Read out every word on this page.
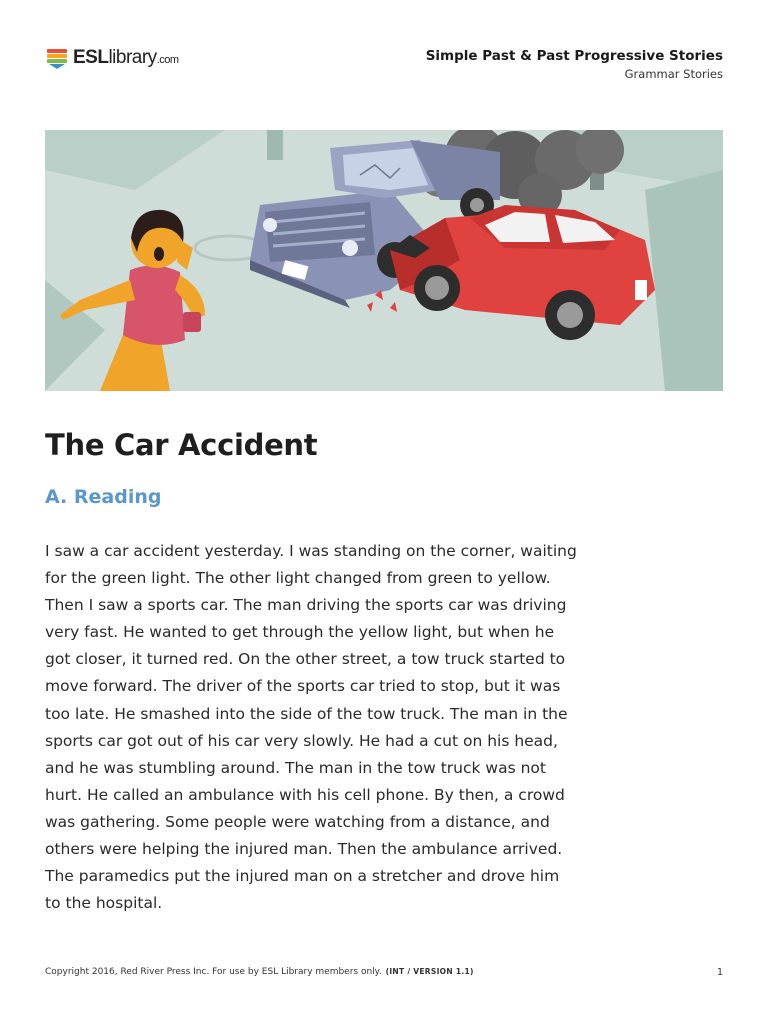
ESLlibrary.com	Simple Past & Past Progressive Stories
Grammar Stories
The Car Accident
A. Reading

I saw a car accident yesterday. I was standing on the corner, waiting
for the green light. The other light changed from green to yellow.
Then I saw a sports car. The man driving the sports car was driving
very fast. He wanted to get through the yellow light, but when he
got closer, it turned red. On the other street, a tow truck started to
move forward. The driver of the sports car tried to stop, but it was
too late. He smashed into the side of the tow truck. The man in the
sports car got out of his car very slowly. He had a cut on his head,
and he was stumbling around. The man in the tow truck was not
hurt. He called an ambulance with his cell phone. By then, a crowd
was gathering. Some people were watching from a distance, and
others were helping the injured man. Then the ambulance arrived.
The paramedics put the injured man on a stretcher and drove him
to the hospital.

Copyright 2016, Red River Press Inc. For use by ESL Library members only. (INT / VERSION 1.1)	1
